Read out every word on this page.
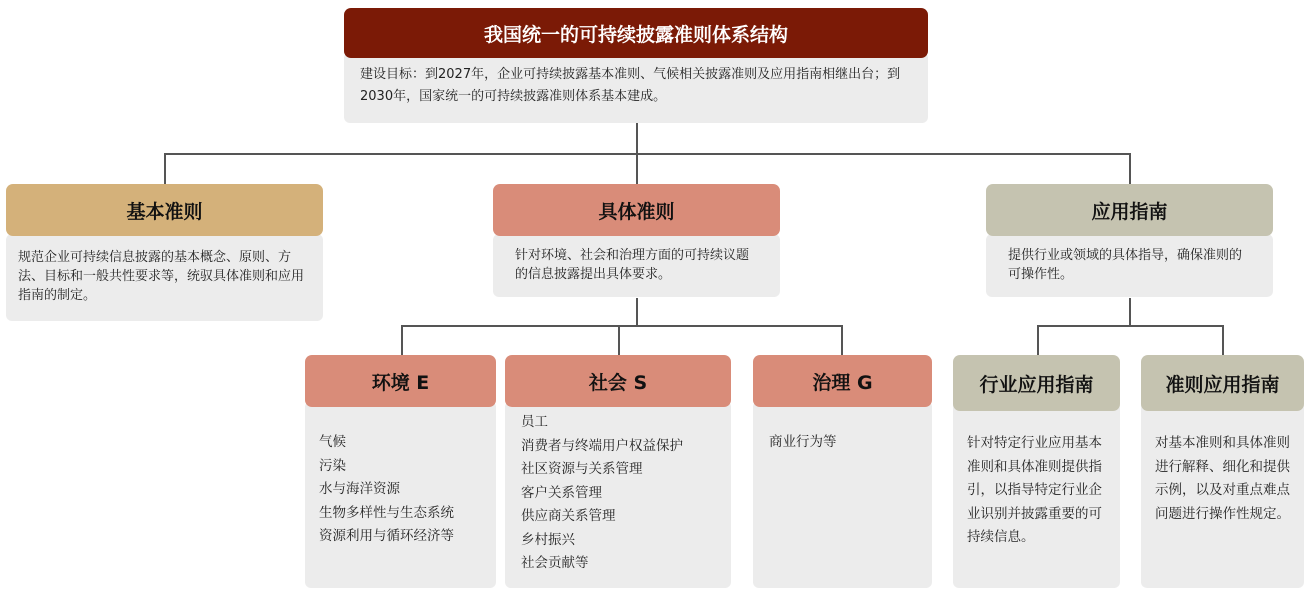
建设目标：到2027年，企业可持续披露基本准则、气候相关披露准则及应用指南相继出台；到2030年，国家统一的可持续披露准则体系基本建成。
我国统一的可持续披露准则体系结构
规范企业可持续信息披露的基本概念、原则、方法、目标和一般共性要求等，统驭具体准则和应用指南的制定。
基本准则
针对环境、社会和治理方面的可持续议题的信息披露提出具体要求。
具体准则
提供行业或领域的具体指导，确保准则的可操作性。
应用指南
气候
污染
水与海洋资源
生物多样性与生态系统
资源利用与循环经济等
环境 E
员工
消费者与终端用户权益保护
社区资源与关系管理
客户关系管理
供应商关系管理
乡村振兴
社会贡献等
社会 S
商业行为等
治理 G
针对特定行业应用基本准则和具体准则提供指引，以指导特定行业企业识别并披露重要的可持续信息。
行业应用指南
对基本准则和具体准则进行解释、细化和提供示例，以及对重点难点问题进行操作性规定。
准则应用指南
